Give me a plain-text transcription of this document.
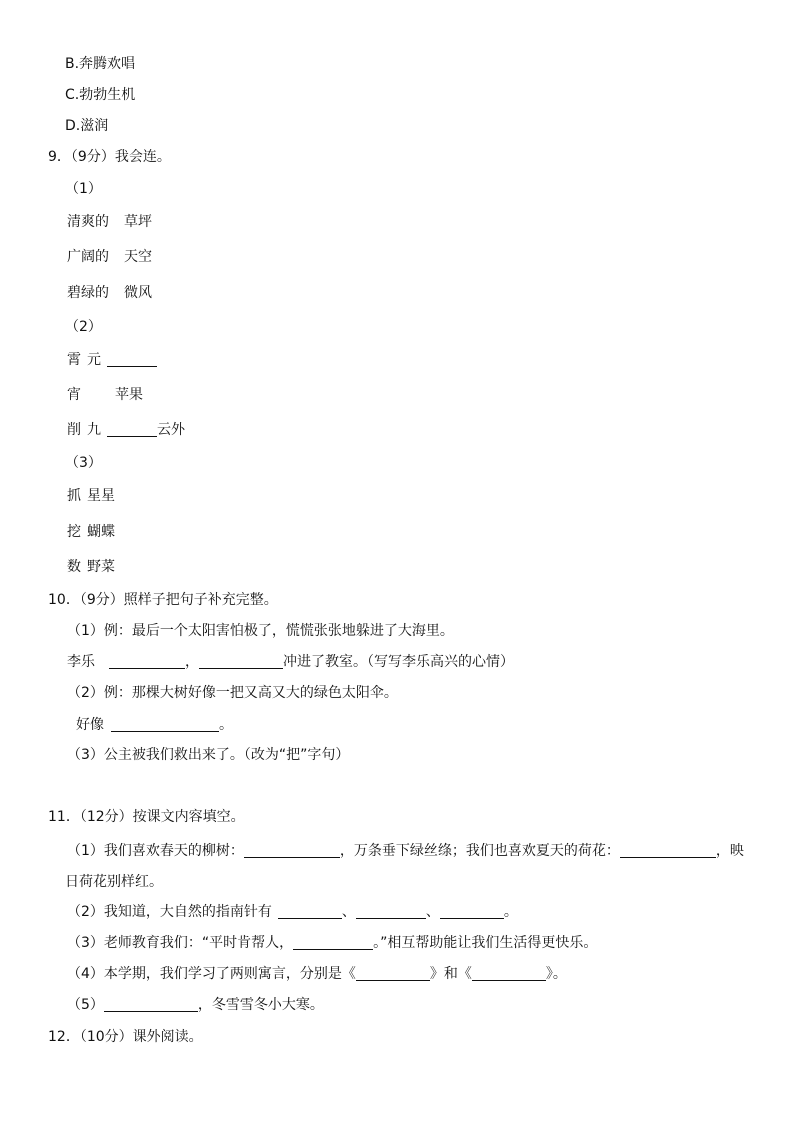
B.奔腾欢唱
C.勃勃生机
D.滋润
9．（9分）我会连。
（1）
清爽的 草坪
广阔的 天空
碧绿的 微风
（2）
霄 元
宵 苹果
削 九	云外
（3）
抓 星星
挖 蝴蝶
数 野菜
10．（9分）照样子把句子补充完整。
（1）例：最后一个太阳害怕极了，慌慌张张地躲进了大海里。
李乐	，	冲进了教室。（写写李乐高兴的心情）
（2）例：那棵大树好像一把又高又大的绿色太阳伞。
好像	。
（3）公主被我们救出来了。（改为“把”字句）
11．（12分）按课文内容填空。
（1）我们喜欢春天的柳树：	，万条垂下绿丝绦；我们也喜欢夏天的荷花：	，映
日荷花别样红。
（2）我知道，大自然的指南针有	、	、	。
（3）老师教育我们：“平时肯帮人，	。”相互帮助能让我们生活得更快乐。
（4）本学期，我们学习了两则寓言，分别是《	》和《	》。
（5）	，冬雪雪冬小大寒。
12．（10分）课外阅读。
